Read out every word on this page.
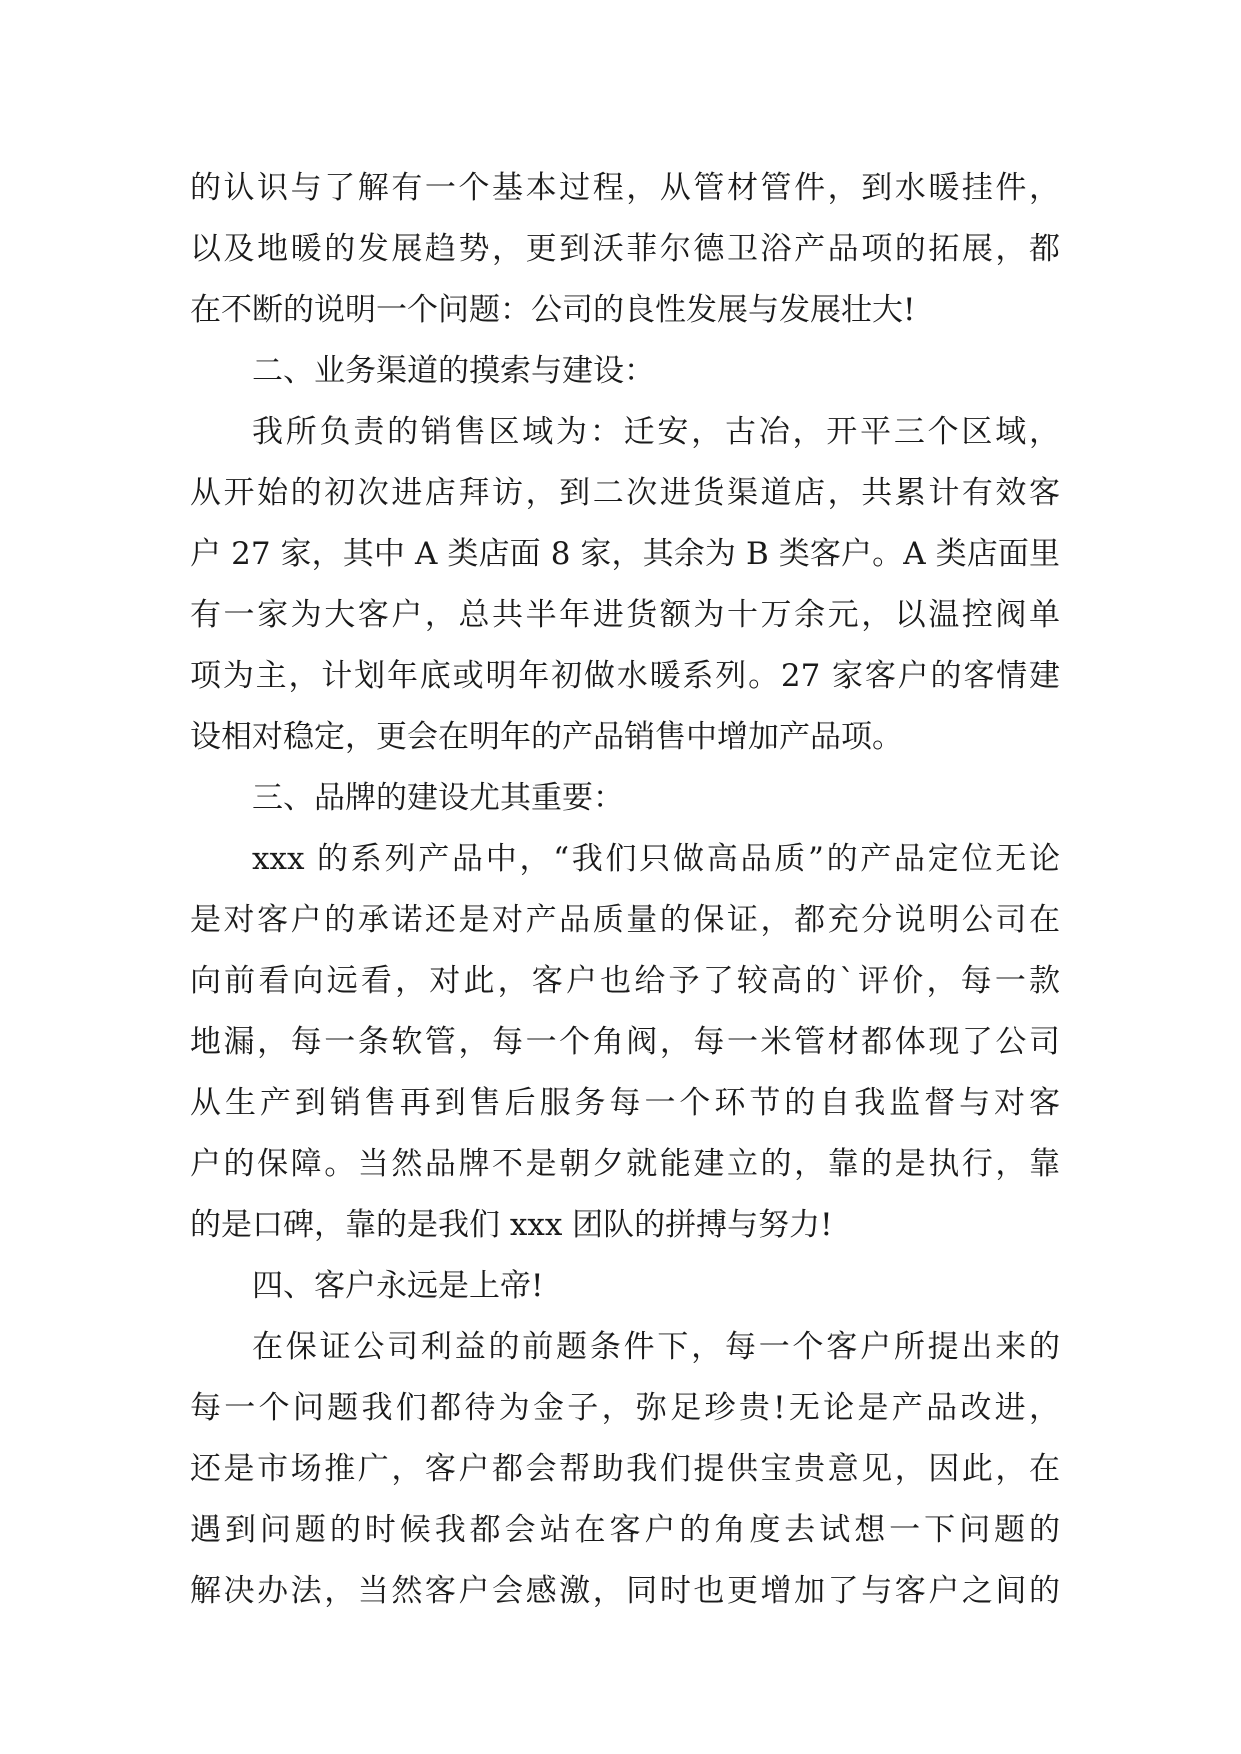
的认识与了解有一个基本过程，从管材管件，到水暖挂件，
以及地暖的发展趋势，更到沃菲尔德卫浴产品项的拓展，都
在不断的说明一个问题：公司的良性发展与发展壮大!
二、业务渠道的摸索与建设：
我所负责的销售区域为：迁安，古冶，开平三个区域，
从开始的初次进店拜访，到二次进货渠道店，共累计有效客
户 27 家，其中 A 类店面 8 家，其余为 B 类客户。A 类店面里
有一家为大客户，总共半年进货额为十万余元，以温控阀单
项为主，计划年底或明年初做水暖系列。27 家客户的客情建
设相对稳定，更会在明年的产品销售中增加产品项。
三、品牌的建设尤其重要：
xxx 的系列产品中，“我们只做高品质”的产品定位无论
是对客户的承诺还是对产品质量的保证，都充分说明公司在
向前看向远看，对此，客户也给予了较高的`评价，每一款
地漏，每一条软管，每一个角阀，每一米管材都体现了公司
从生产到销售再到售后服务每一个环节的自我监督与对客
户的保障。当然品牌不是朝夕就能建立的，靠的是执行，靠
的是口碑，靠的是我们 xxx 团队的拼搏与努力!
四、客户永远是上帝!
在保证公司利益的前题条件下，每一个客户所提出来的
每一个问题我们都待为金子，弥足珍贵!无论是产品改进，
还是市场推广，客户都会帮助我们提供宝贵意见，因此，在
遇到问题的时候我都会站在客户的角度去试想一下问题的
解决办法，当然客户会感激，同时也更增加了与客户之间的
